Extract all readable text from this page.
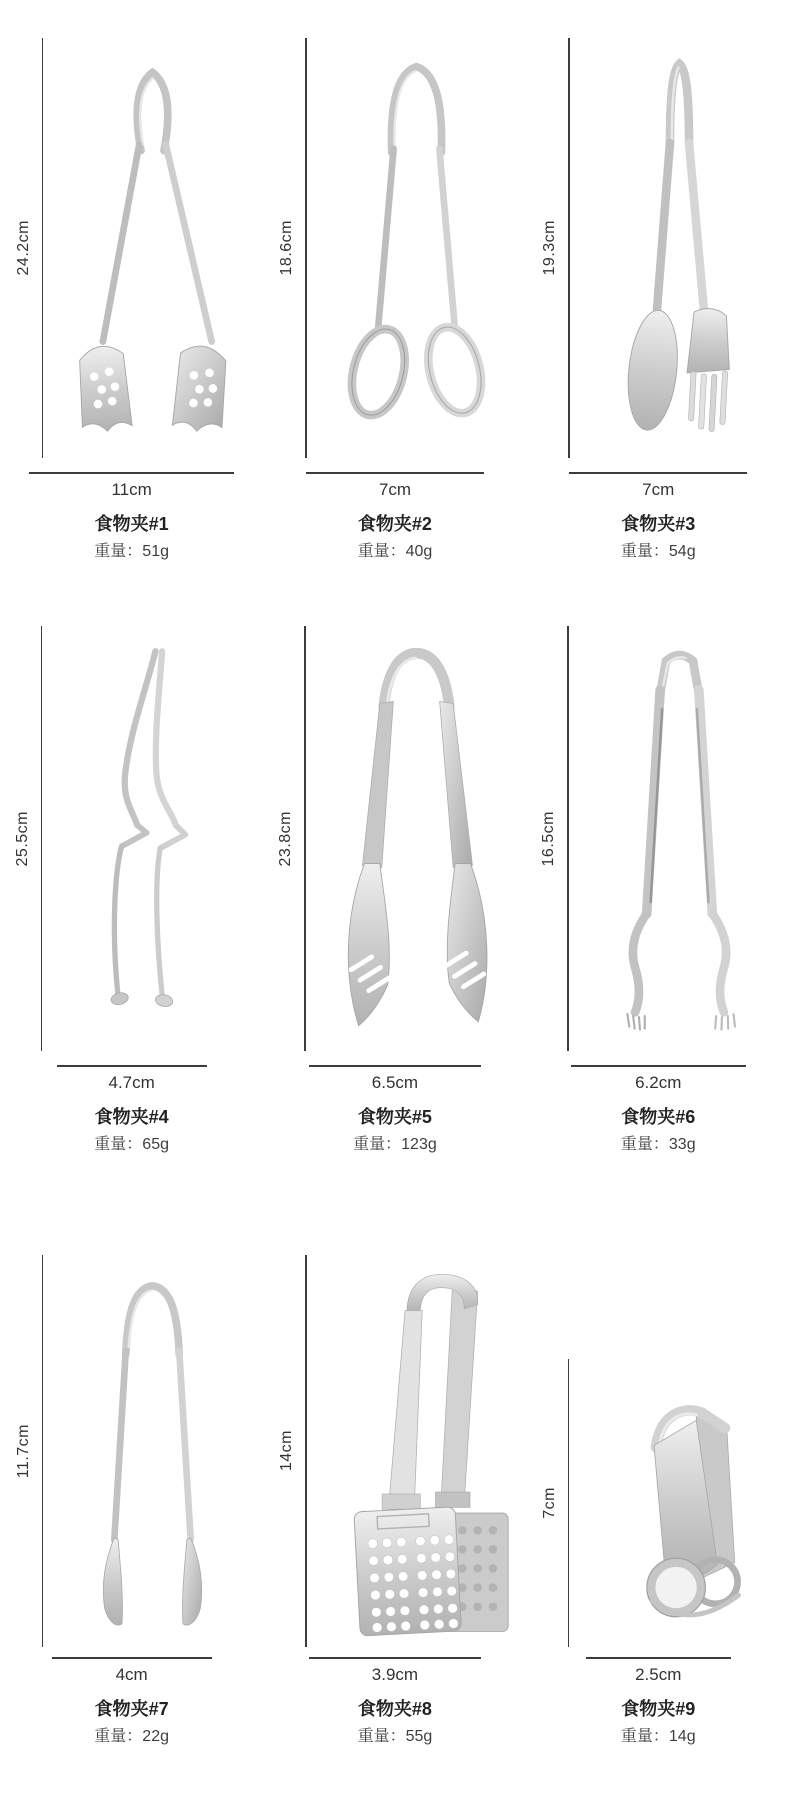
24.2cm
11cm
食物夹#1
重量：51g
18.6cm
7cm
食物夹#2
重量：40g
19.3cm
7cm
食物夹#3
重量：54g
25.5cm
4.7cm
食物夹#4
重量：65g
23.8cm
6.5cm
食物夹#5
重量：123g
16.5cm
6.2cm
食物夹#6
重量：33g
11.7cm
4cm
食物夹#7
重量：22g
14cm
3.9cm
食物夹#8
重量：55g
7cm
2.5cm
食物夹#9
重量：14g
